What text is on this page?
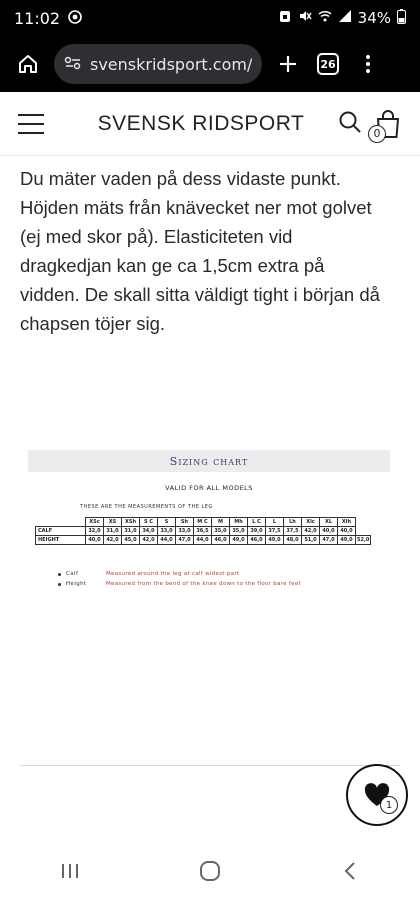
11:02	34%
svenskridsport.com/	26
SVENSK RIDSPORT	0

Du mäter vaden på dess vidaste punkt. Höjden mäts från knävecket ner mot golvet (ej med skor på). Elasticiteten vid dragkedjan kan ge ca 1,5cm extra på vidden. De skall sitta väldigt tight i början då chapsen töjer sig.

Sizing chart
VALID FOR ALL MODELS
THESE ARE THE MEASUREMENTS OF THE LEG
	XSc	XS	XSh	S C	S	Sh	M C	M	Mh	L C	L	Lh	Xlc	XL	Xlh	
CALF	32,0	31,0	31,0	34,0	33,0	33,0	36,5	35,0	35,0	39,0	37,5	37,5	42,0	40,0	40,0	
HEIGHT	40,0	42,0	45,0	42,0	44,0	47,0	44,0	46,0	49,0	46,0	49,0	48,0	51,0	47,0	49,0	52,0
Calf	Measured around the leg at calf widest part
Height	Measured from the bend of the knee down to the floor bare feet
1
